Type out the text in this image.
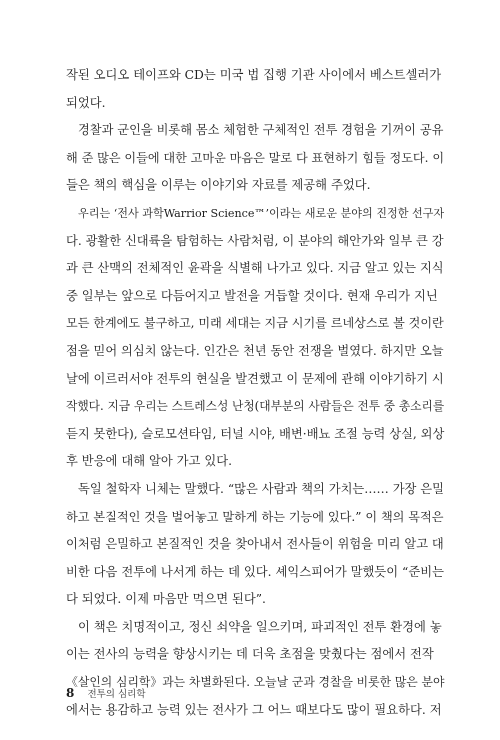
작된 오디오 테이프와 CD는 미국 법 집행 기관 사이에서 베스트셀러가
되었다.
경찰과 군인을 비롯해 몸소 체험한 구체적인 전투 경험을 기꺼이 공유
해 준 많은 이들에 대한 고마운 마음은 말로 다 표현하기 힘들 정도다. 이
들은 책의 핵심을 이루는 이야기와 자료를 제공해 주었다.
우리는 ‘전사 과학Warrior Science™’이라는 새로운 분야의 진정한 선구자
다. 광활한 신대륙을 탐험하는 사람처럼, 이 분야의 해안가와 일부 큰 강
과 큰 산맥의 전체적인 윤곽을 식별해 나가고 있다. 지금 알고 있는 지식
중 일부는 앞으로 다듬어지고 발전을 거듭할 것이다. 현재 우리가 지닌
모든 한계에도 불구하고, 미래 세대는 지금 시기를 르네상스로 볼 것이란
점을 믿어 의심치 않는다. 인간은 천년 동안 전쟁을 벌였다. 하지만 오늘
날에 이르러서야 전투의 현실을 발견했고 이 문제에 관해 이야기하기 시
작했다. 지금 우리는 스트레스성 난청(대부분의 사람들은 전투 중 총소리를
듣지 못한다), 슬로모션타임, 터널 시야, 배변·배뇨 조절 능력 상실, 외상
후 반응에 대해 알아 가고 있다.
독일 철학자 니체는 말했다. “많은 사람과 책의 가치는…… 가장 은밀
하고 본질적인 것을 벌어놓고 말하게 하는 기능에 있다.” 이 책의 목적은
이처럼 은밀하고 본질적인 것을 찾아내서 전사들이 위험을 미리 알고 대
비한 다음 전투에 나서게 하는 데 있다. 셰익스피어가 말했듯이 “준비는
다 되었다. 이제 마음만 먹으면 된다”.
이 책은 치명적이고, 정신 쇠약을 일으키며, 파괴적인 전투 환경에 놓
이는 전사의 능력을 향상시키는 데 더욱 초점을 맞췄다는 점에서 전작
《살인의 심리학》과는 차별화된다. 오늘날 군과 경찰을 비롯한 많은 분야
에서는 용감하고 능력 있는 전사가 그 어느 때보다도 많이 필요하다. 저
8 전투의 심리학
